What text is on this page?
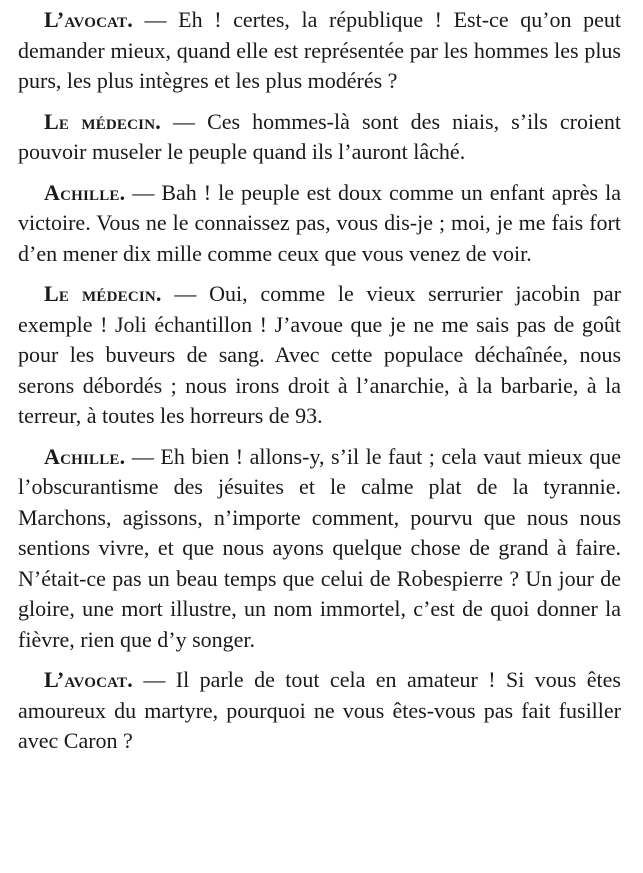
L’avocat. — Eh ! certes, la république ! Est-ce qu’on peut demander mieux, quand elle est représentée par les hommes les plus purs, les plus intègres et les plus modérés ?

Le médecin. — Ces hommes-là sont des niais, s’ils croient pouvoir museler le peuple quand ils l’auront lâché.

Achille. — Bah ! le peuple est doux comme un enfant après la victoire. Vous ne le connaissez pas, vous dis-je ; moi, je me fais fort d’en mener dix mille comme ceux que vous venez de voir.

Le médecin. — Oui, comme le vieux serrurier jacobin par exemple ! Joli échantillon ! J’avoue que je ne me sais pas de goût pour les buveurs de sang. Avec cette populace déchaînée, nous serons débordés ; nous irons droit à l’anarchie, à la barbarie, à la terreur, à toutes les horreurs de 93.

Achille. — Eh bien ! allons-y, s’il le faut ; cela vaut mieux que l’obscurantisme des jésuites et le calme plat de la tyrannie. Marchons, agissons, n’importe comment, pourvu que nous nous sentions vivre, et que nous ayons quelque chose de grand à faire. N’était-ce pas un beau temps que celui de Robespierre ? Un jour de gloire, une mort illustre, un nom immortel, c’est de quoi donner la fièvre, rien que d’y songer.

L’avocat. — Il parle de tout cela en amateur ! Si vous êtes amoureux du martyre, pourquoi ne vous êtes-vous pas fait fusiller avec Caron ?
